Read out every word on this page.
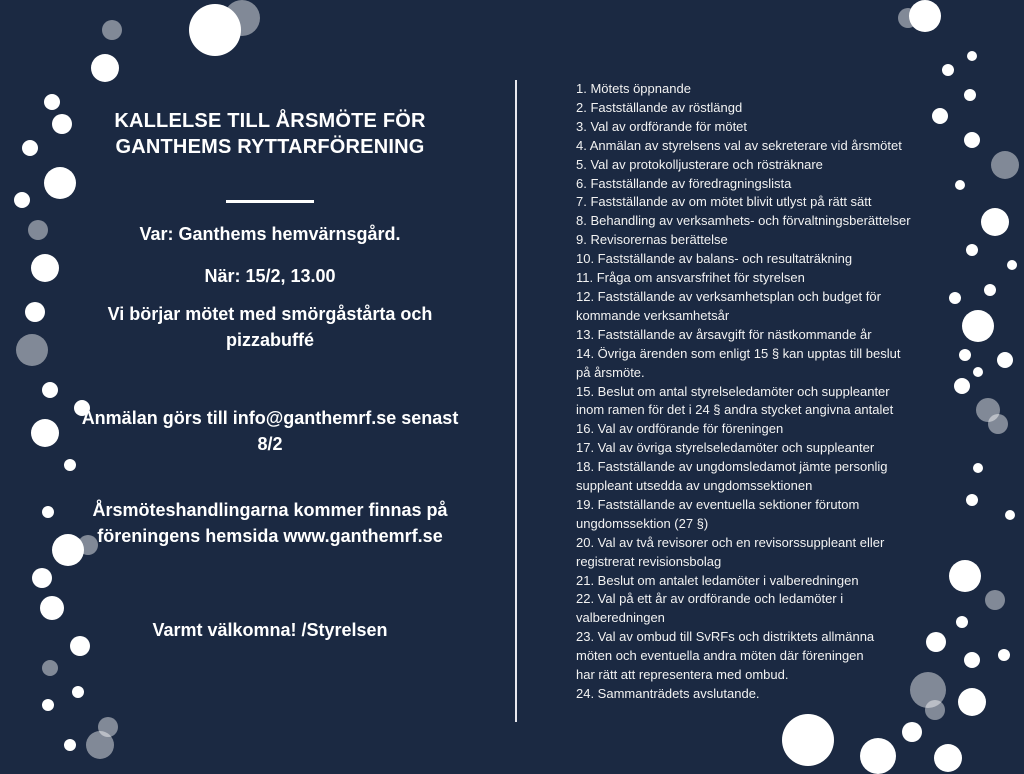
KALLELSE TILL ÅRSMÖTE FÖR
GANTHEMS RYTTARFÖRENING
Var: Ganthems hemvärnsgård.
När: 15/2, 13.00
Vi börjar mötet med smörgåstårta och
pizzabuffé
Anmälan görs till info@ganthemrf.se senast
8/2
Årsmöteshandlingarna kommer finnas på
föreningens hemsida www.ganthemrf.se
Varmt välkomna! /Styrelsen
1. Mötets öppnande
2. Fastställande av röstlängd
3. Val av ordförande för mötet
4. Anmälan av styrelsens val av sekreterare vid årsmötet
5. Val av protokolljusterare och rösträknare
6. Fastställande av föredragningslista
7. Fastställande av om mötet blivit utlyst på rätt sätt
8. Behandling av verksamhets- och förvaltningsberättelser
9. Revisorernas berättelse
10. Fastställande av balans- och resultaträkning
11. Fråga om ansvarsfrihet för styrelsen
12. Fastställande av verksamhetsplan och budget för
kommande verksamhetsår
13. Fastställande av årsavgift för nästkommande år
14. Övriga ärenden som enligt 15 § kan upptas till beslut
på årsmöte.
15. Beslut om antal styrelseledamöter och suppleanter
inom ramen för det i 24 § andra stycket angivna antalet
16. Val av ordförande för föreningen
17. Val av övriga styrelseledamöter och suppleanter
18. Fastställande av ungdomsledamot jämte personlig
suppleant utsedda av ungdomssektionen
19. Fastställande av eventuella sektioner förutom
ungdomssektion (27 §)
20. Val av två revisorer och en revisorssuppleant eller
registrerat revisionsbolag
21. Beslut om antalet ledamöter i valberedningen
22. Val på ett år av ordförande och ledamöter i
valberedningen
23. Val av ombud till SvRFs och distriktets allmänna
möten och eventuella andra möten där föreningen
har rätt att representera med ombud.
24. Sammanträdets avslutande.
